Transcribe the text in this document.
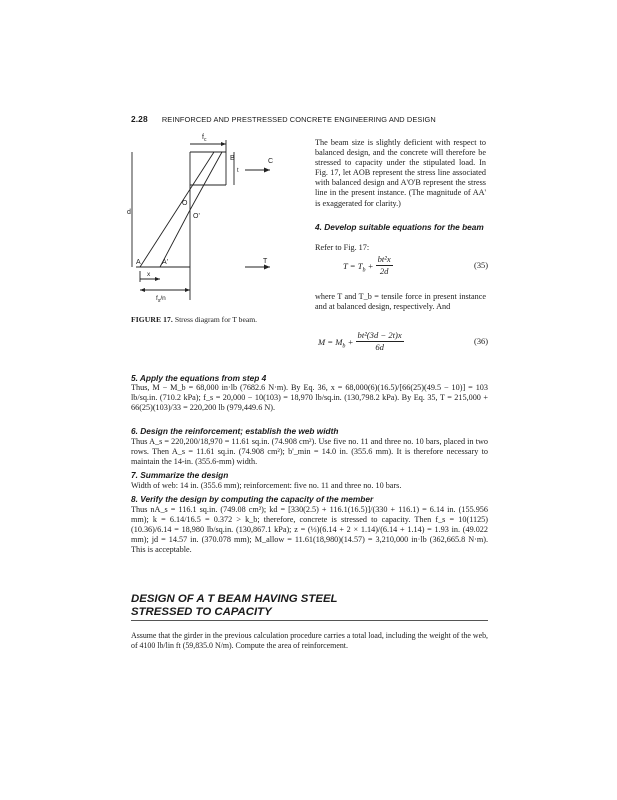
2.28 REINFORCED AND PRESTRESSED CONCRETE ENGINEERING AND DESIGN
$f_c$
B	C
t
O
O'
d
A	A'	T
x
$f_s/n$
FIGURE 17. Stress diagram for T beam.
The beam size is slightly deficient with respect to balanced design, and the concrete will therefore be stressed to capacity under the stipulated load. In Fig. 17, let AOB represent the stress line associated with balanced design and A'O'B represent the stress line in the present instance. (The magnitude of AA' is exaggerated for clarity.)
4. Develop suitable equations for the beam
Refer to Fig. 17:
$T = T_b + \frac{\text{bt²x}}{2d}$	(35)
where T and T_b = tensile force in present instance and at balanced design, respectively. And
$M = M_b + \frac{\text{bt²(3d − 2t)x}}{6d}$	(36)
5. Apply the equations from step 4
Thus, M − M_b = 68,000 in·lb (7682.6 N·m). By Eq. 36, x = 68,000(6)(16.5)/[66(25)(49.5 − 10)] = 103 lb/sq.in. (710.2 kPa); f_s = 20,000 − 10(103) = 18,970 lb/sq.in. (130,798.2 kPa). By Eq. 35, T = 215,000 + 66(25)(103)/33 = 220,200 lb (979,449.6 N).
6. Design the reinforcement; establish the web width
Thus A_s = 220,200/18,970 = 11.61 sq.in. (74.908 cm²). Use five no. 11 and three no. 10 bars, placed in two rows. Then A_s = 11.61 sq.in. (74.908 cm²); b'_min = 14.0 in. (355.6 mm). It is therefore necessary to maintain the 14-in. (355.6-mm) width.
7. Summarize the design
Width of web: 14 in. (355.6 mm); reinforcement: five no. 11 and three no. 10 bars.
8. Verify the design by computing the capacity of the member
Thus nA_s = 116.1 sq.in. (749.08 cm²); kd = [330(2.5) + 116.1(16.5)]/(330 + 116.1) = 6.14 in. (155.956 mm); k = 6.14/16.5 = 0.372 > k_b; therefore, concrete is stressed to capacity. Then f_s = 10(1125)(10.36)/6.14 = 18,980 lb/sq.in. (130,867.1 kPa); z = (⅓)(6.14 + 2 × 1.14)/(6.14 + 1.14) = 1.93 in. (49.022 mm); jd = 14.57 in. (370.078 mm); M_allow = 11.61(18,980)(14.57) = 3,210,000 in·lb (362,665.8 N·m). This is acceptable.
DESIGN OF A T BEAM HAVING STEEL
STRESSED TO CAPACITY
Assume that the girder in the previous calculation procedure carries a total load, including the weight of the web, of 4100 lb/lin ft (59,835.0 N/m). Compute the area of reinforcement.
